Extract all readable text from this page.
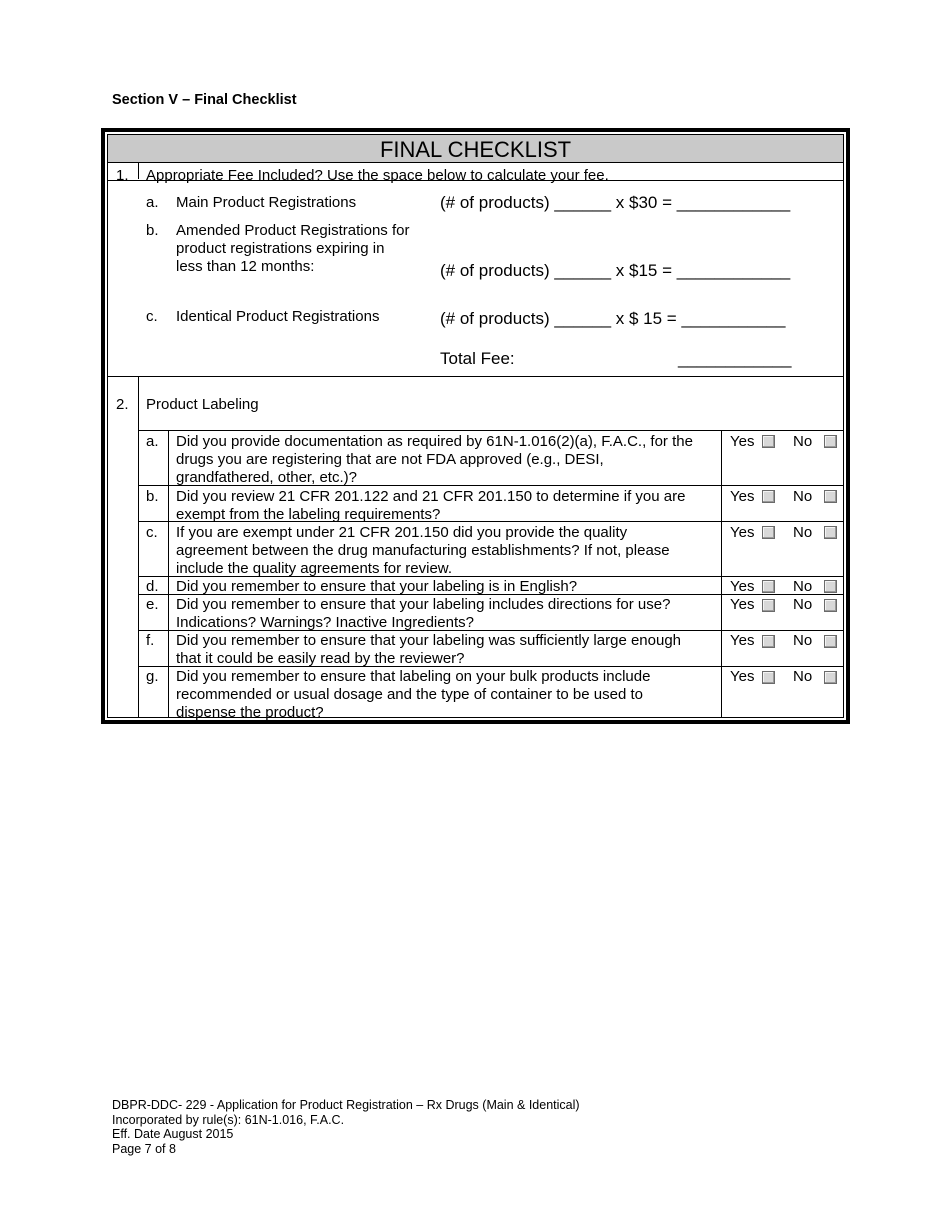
Section V – Final Checklist
FINAL CHECKLIST
1. Appropriate Fee Included? Use the space below to calculate your fee.
a. Main Product Registrations	(# of products) ______ x $30 = ____________
b. Amended Product Registrations for
product registrations expiring in
less than 12 months:	(# of products) ______ x $15 = ____________
c. Identical Product Registrations	(# of products) ______ x $ 15 = ___________
Total Fee:	____________
2. Product Labeling
a. Did you provide documentation as required by 61N-1.016(2)(a), F.A.C., for the
drugs you are registering that are not FDA approved (e.g., DESI,
grandfathered, other, etc.)?
Yes	No
b. Did you review 21 CFR 201.122 and 21 CFR 201.150 to determine if you are
exempt from the labeling requirements?
Yes	No
c. If you are exempt under 21 CFR 201.150 did you provide the quality
agreement between the drug manufacturing establishments? If not, please
include the quality agreements for review.
Yes	No
d. Did you remember to ensure that your labeling is in English?	Yes	No
e. Did you remember to ensure that your labeling includes directions for use?
Indications? Warnings? Inactive Ingredients?
Yes	No
f. Did you remember to ensure that your labeling was sufficiently large enough
that it could be easily read by the reviewer?
Yes	No
g. Did you remember to ensure that labeling on your bulk products include
recommended or usual dosage and the type of container to be used to
dispense the product?
Yes	No
DBPR-DDC- 229 - Application for Product Registration – Rx Drugs (Main & Identical)
Incorporated by rule(s): 61N-1.016, F.A.C.
Eff. Date August 2015
Page 7 of 8
